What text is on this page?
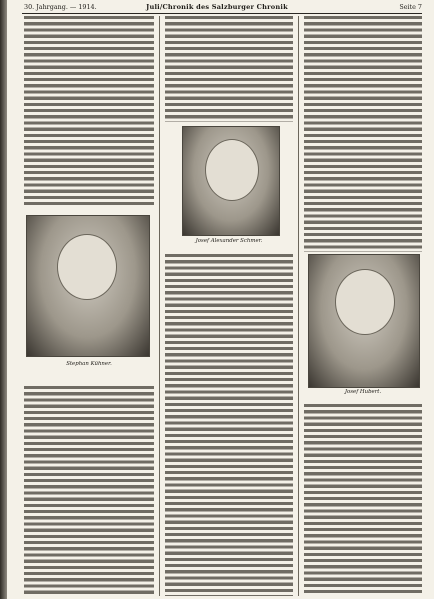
30. Jahrgang. — 1914.	Juli/Chronik des Salzburger Chronik	Seite 7
Stephan Kühner.
Josef Alexander Schmer.
Josef Hubert.
